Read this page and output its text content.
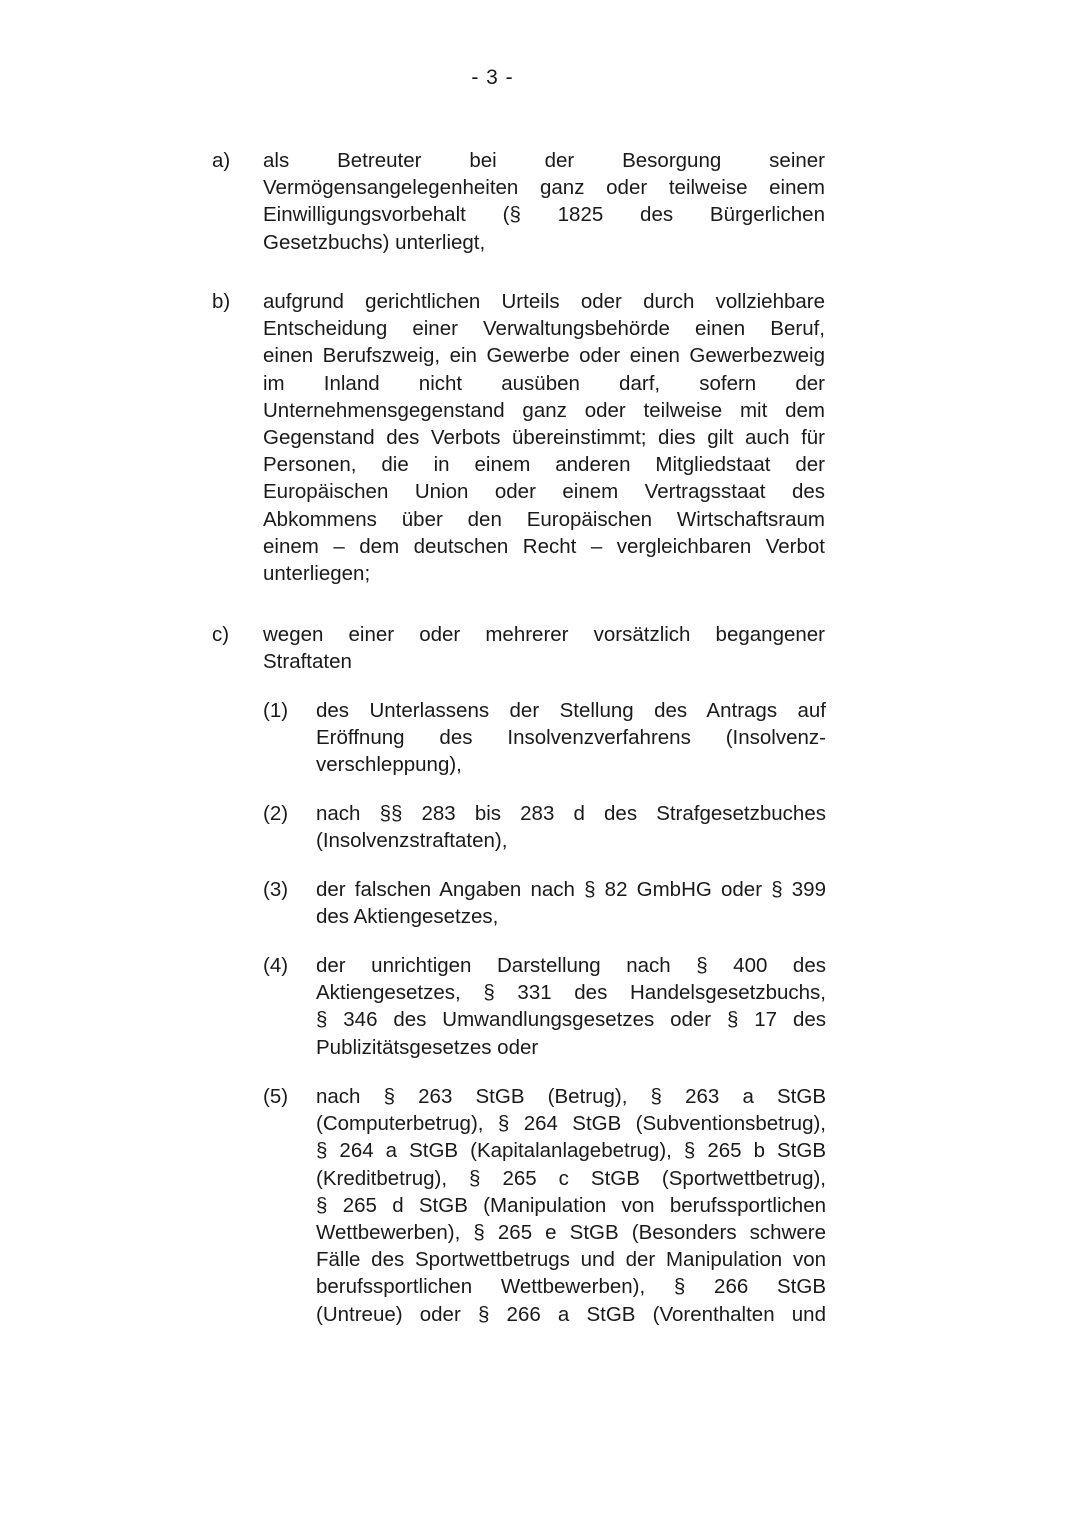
- 3 -
a) als Betreuter bei der Besorgung seiner
Vermögensangelegenheiten ganz oder teilweise einem
Einwilligungsvorbehalt (§ 1825 des Bürgerlichen
Gesetzbuchs) unterliegt,
b) aufgrund gerichtlichen Urteils oder durch vollziehbare
Entscheidung einer Verwaltungsbehörde einen Beruf,
einen Berufszweig, ein Gewerbe oder einen Gewerbezweig
im Inland nicht ausüben darf, sofern der
Unternehmensgegenstand ganz oder teilweise mit dem
Gegenstand des Verbots übereinstimmt; dies gilt auch für
Personen, die in einem anderen Mitgliedstaat der
Europäischen Union oder einem Vertragsstaat des
Abkommens über den Europäischen Wirtschaftsraum
einem – dem deutschen Recht – vergleichbaren Verbot
unterliegen;
c) wegen einer oder mehrerer vorsätzlich begangener
Straftaten
(1) des Unterlassens der Stellung des Antrags auf
Eröffnung des Insolvenzverfahrens (Insolvenz-
verschleppung),
(2) nach §§ 283 bis 283 d des Strafgesetzbuches
(Insolvenzstraftaten),
(3) der falschen Angaben nach § 82 GmbHG oder § 399
des Aktiengesetzes,
(4) der unrichtigen Darstellung nach § 400 des
Aktiengesetzes, § 331 des Handelsgesetzbuchs,
§ 346 des Umwandlungsgesetzes oder § 17 des
Publizitätsgesetzes oder
(5) nach § 263 StGB (Betrug), § 263 a StGB
(Computerbetrug), § 264 StGB (Subventionsbetrug),
§ 264 a StGB (Kapitalanlagebetrug), § 265 b StGB
(Kreditbetrug), § 265 c StGB (Sportwettbetrug),
§ 265 d StGB (Manipulation von berufssportlichen
Wettbewerben), § 265 e StGB (Besonders schwere
Fälle des Sportwettbetrugs und der Manipulation von
berufssportlichen Wettbewerben), § 266 StGB
(Untreue) oder § 266 a StGB (Vorenthalten und
